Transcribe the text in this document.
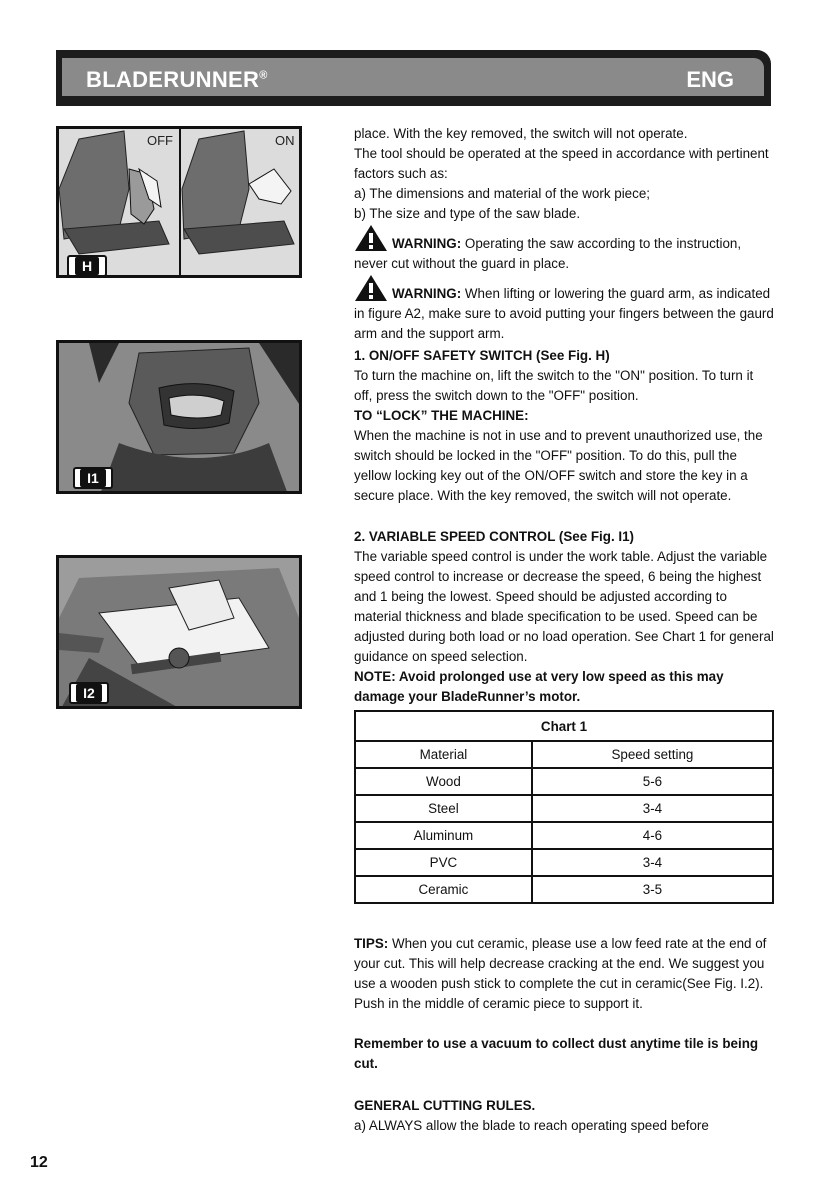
BLADERUNNER®	ENG
OFF	ON
H
I1
I2

place. With the key removed, the switch will not operate.

The tool should be operated at the speed in accordance with pertinent factors such as:

a) The dimensions and material of the work piece;

b) The size and type of the saw blade.

WARNING: Operating the saw according to the instruction, never cut without the guard in place.

WARNING: When lifting or lowering the guard arm, as indicated in figure A2, make sure to avoid putting your fingers between the gaurd arm and the support arm.

1. ON/OFF SAFETY SWITCH (See Fig. H)

To turn the machine on, lift the switch to the "ON" position. To turn it off, press the switch down to the "OFF" position.

TO “LOCK” THE MACHINE:

When the machine is not in use and to prevent unauthorized use, the switch should be locked in the "OFF" position. To do this, pull the yellow locking key out of the ON/OFF switch and store the key in a secure place. With the key removed, the switch will not operate.

2. VARIABLE SPEED CONTROL (See Fig. I1)

The variable speed control is under the work table. Adjust the variable speed control to increase or decrease the speed, 6 being the highest and 1 being the lowest. Speed should be adjusted according to material thickness and blade specification to be used. Speed can be adjusted during both load or no load operation. See Chart 1 for general guidance on speed selection.

NOTE: Avoid prolonged use at very low speed as this may damage your BladeRunner’s motor.

Chart 1	
Material	Speed setting
Wood	5-6
Steel	3-4
Aluminum	4-6
PVC	3-4
Ceramic	3-5

TIPS: When you cut ceramic, please use a low feed rate at the end of your cut. This will help decrease cracking at the end. We suggest you use a wooden push stick to complete the cut in ceramic(See Fig. I.2). Push in the middle of ceramic piece to support it.

Remember to use a vacuum to collect dust anytime tile is being cut.

GENERAL CUTTING RULES.

a) ALWAYS allow the blade to reach operating speed before

12
